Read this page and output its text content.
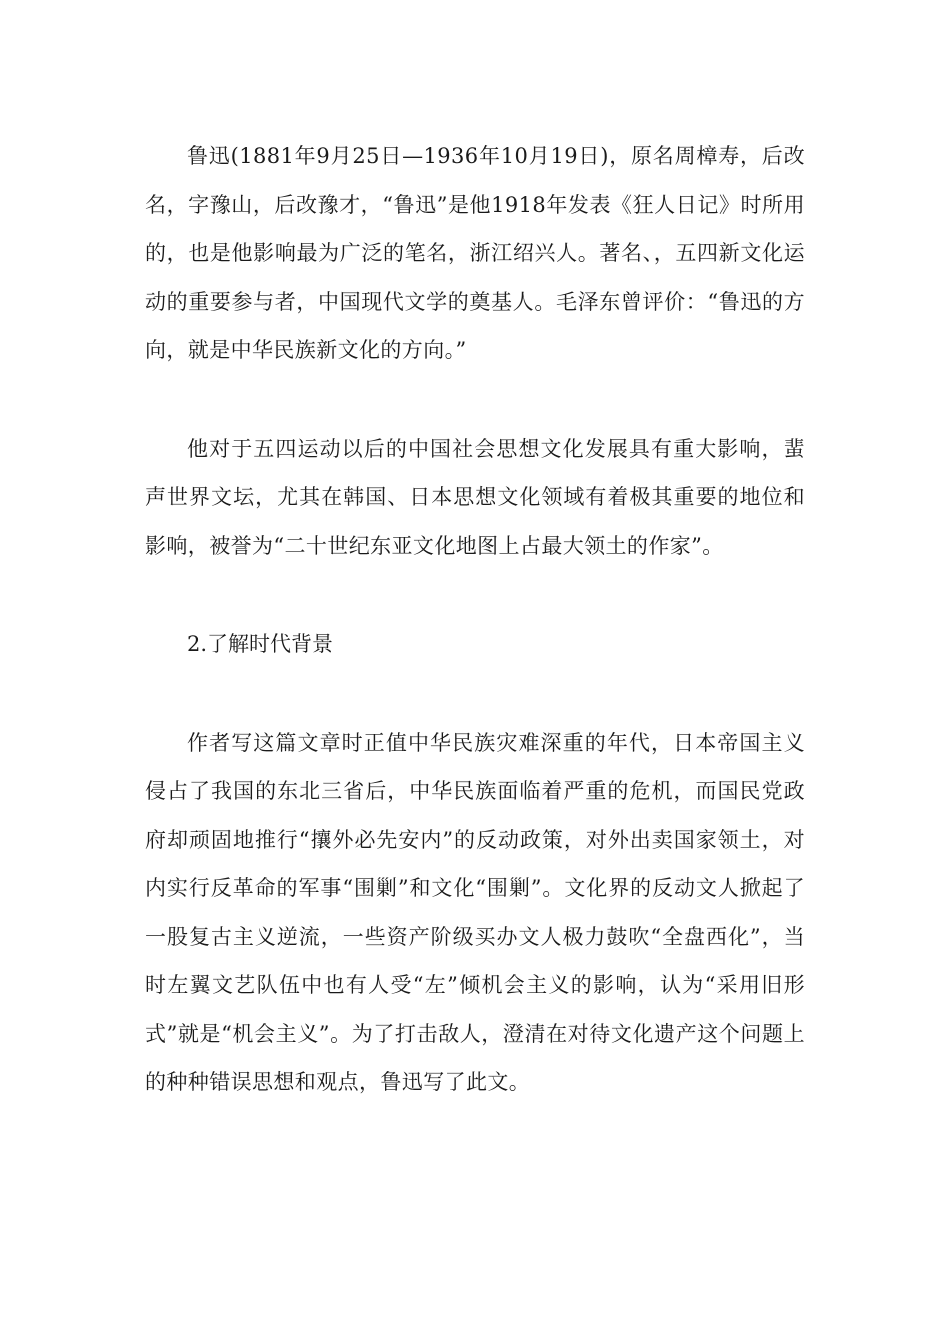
鲁迅(1881年9月25日—1936年10月19日)，原名周樟寿，后改名，字豫山，后改豫才，“鲁迅”是他1918年发表《狂人日记》时所用的，也是他影响最为广泛的笔名，浙江绍兴人。著名、，五四新文化运动的重要参与者，中国现代文学的奠基人。毛泽东曾评价：“鲁迅的方向，就是中华民族新文化的方向。”

他对于五四运动以后的中国社会思想文化发展具有重大影响，蜚声世界文坛，尤其在韩国、日本思想文化领域有着极其重要的地位和影响，被誉为“二十世纪东亚文化地图上占最大领土的作家”。

2.了解时代背景

作者写这篇文章时正值中华民族灾难深重的年代，日本帝国主义侵占了我国的东北三省后，中华民族面临着严重的危机，而国民党政府却顽固地推行“攘外必先安内”的反动政策，对外出卖国家领土，对内实行反革命的军事“围剿”和文化“围剿”。文化界的反动文人掀起了一股复古主义逆流，一些资产阶级买办文人极力鼓吹“全盘西化”，当时左翼文艺队伍中也有人受“左”倾机会主义的影响，认为“采用旧形式”就是“机会主义”。为了打击敌人，澄清在对待文化遗产这个问题上的种种错误思想和观点，鲁迅写了此文。
